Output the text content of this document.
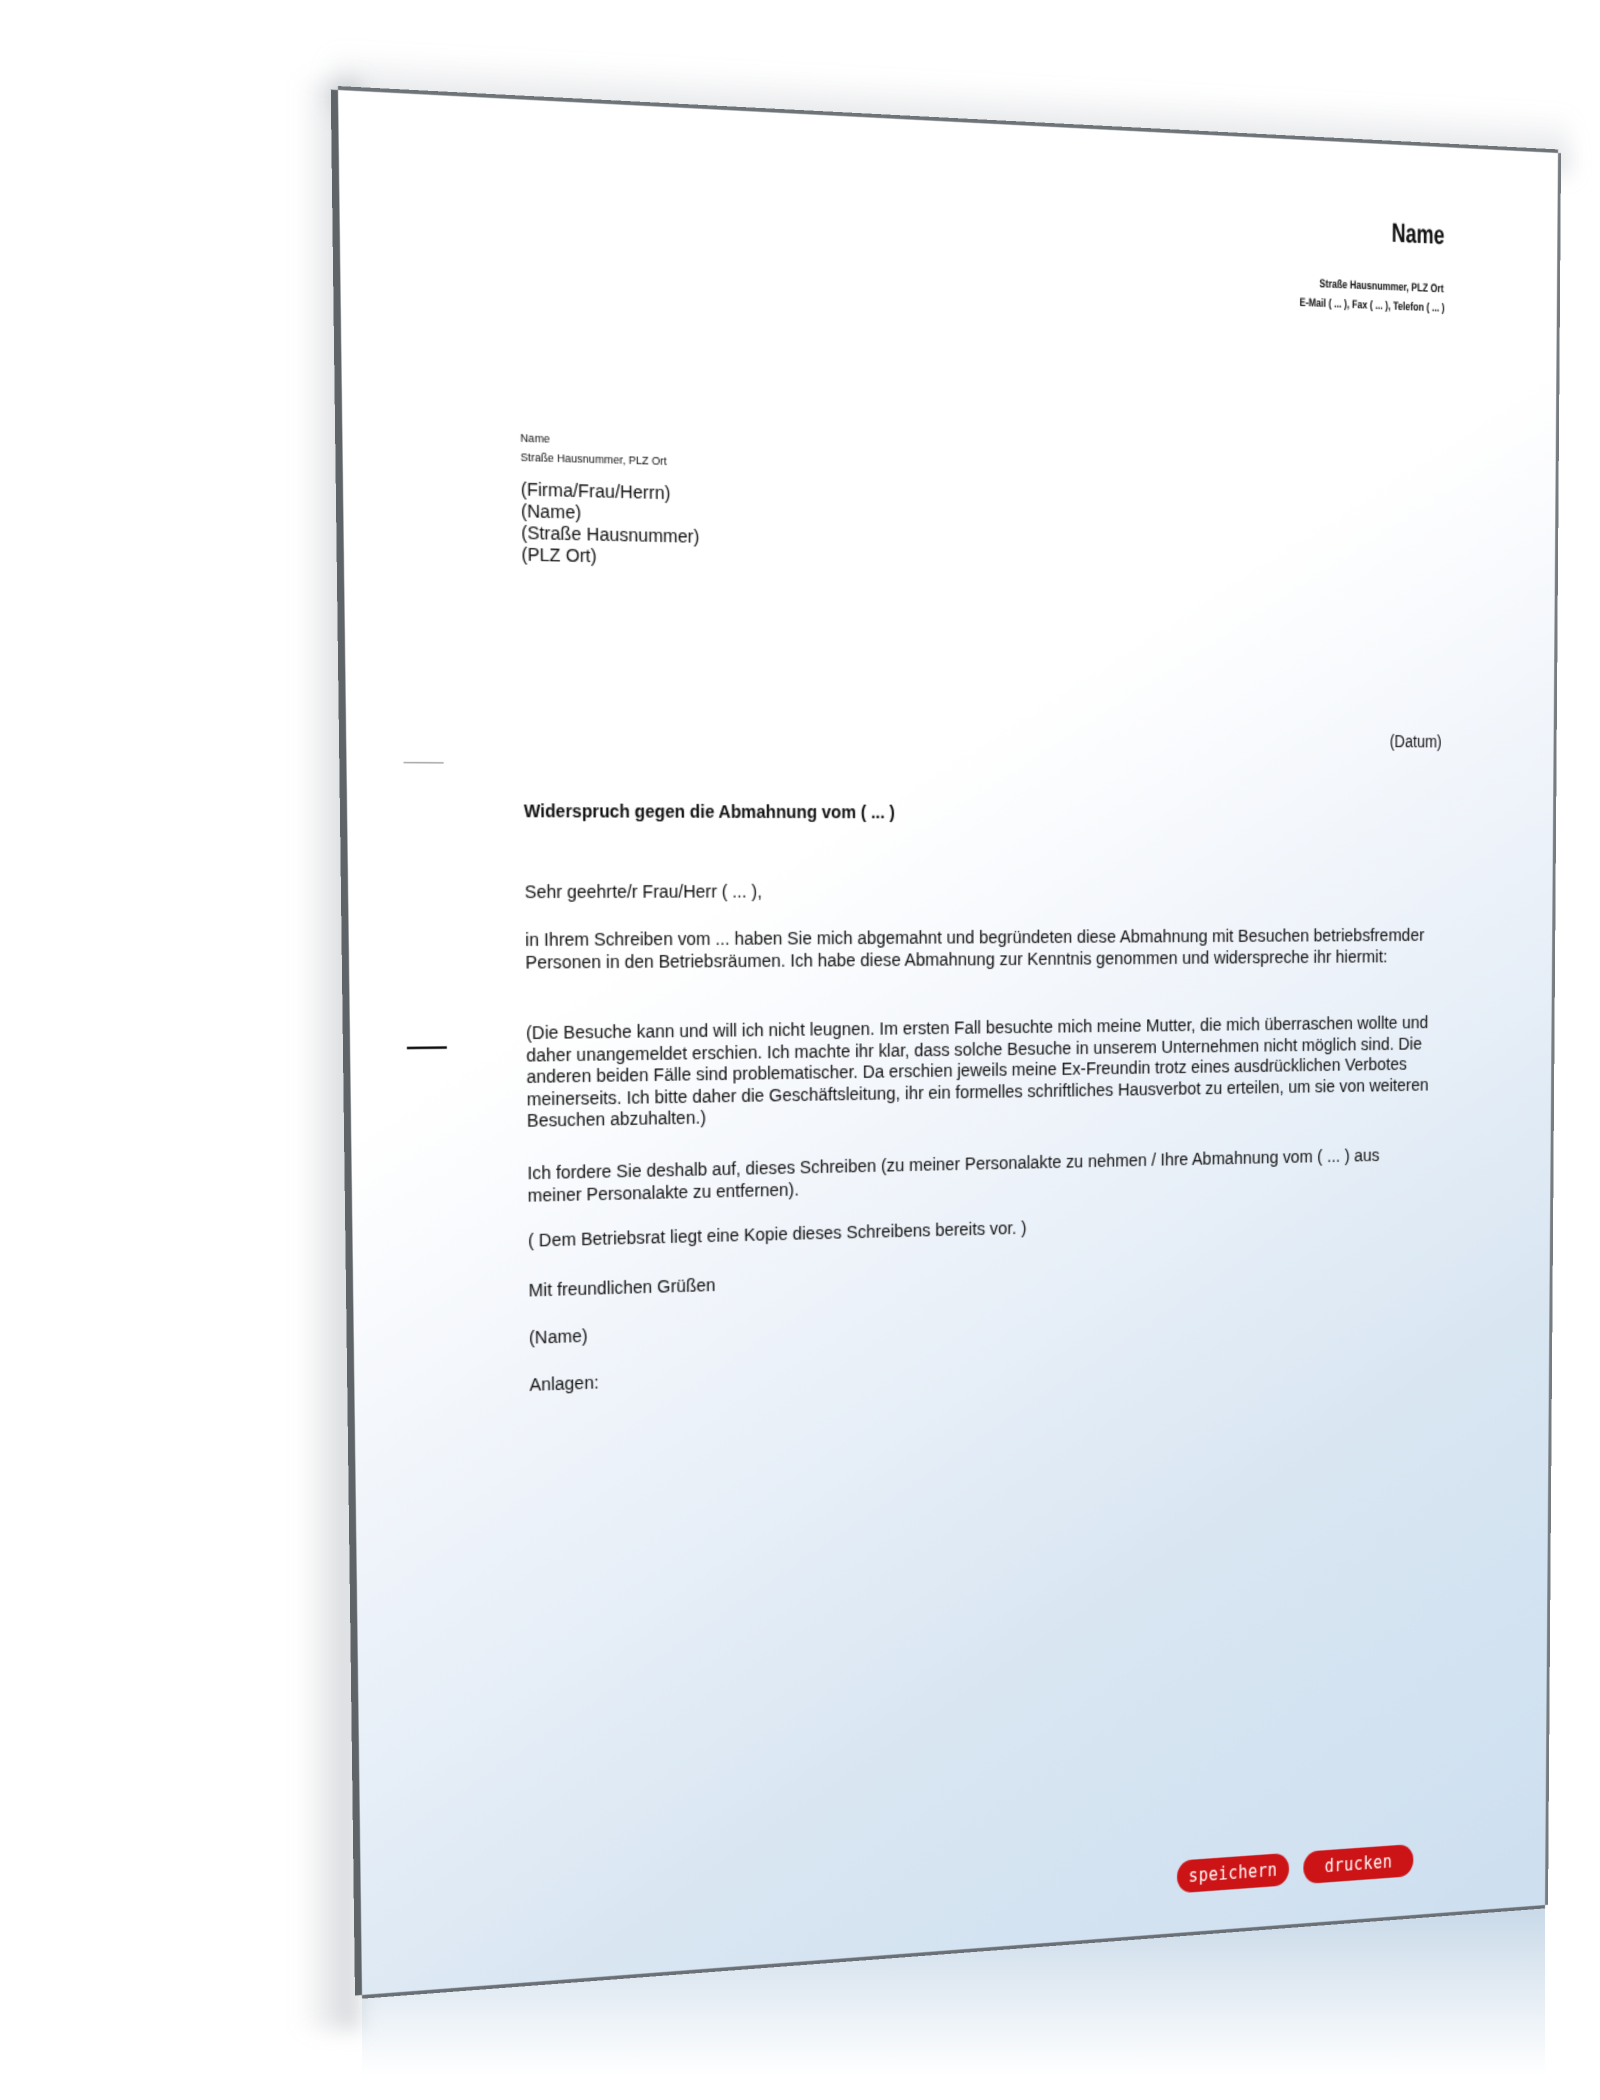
Name
Straße Hausnummer, PLZ Ort
E-Mail ( ... ), Fax ( ... ), Telefon ( ... )
Name
Straße Hausnummer, PLZ Ort
(Firma/Frau/Herrn)
(Name)
(Straße Hausnummer)
(PLZ Ort)
(Datum)
Widerspruch gegen die Abmahnung vom ( ... )
Sehr geehrte/r Frau/Herr ( ... ),
in Ihrem Schreiben vom ... haben Sie mich abgemahnt und begründeten diese Abmahnung mit Besuchen betriebsfremder Personen in den Betriebsräumen. Ich habe diese Abmahnung zur Kenntnis genommen und widerspreche ihr hiermit:
(Die Besuche kann und will ich nicht leugnen. Im ersten Fall besuchte mich meine Mutter, die mich überraschen wollte und daher unangemeldet erschien. Ich machte ihr klar, dass solche Besuche in unserem Unternehmen nicht möglich sind. Die anderen beiden Fälle sind problematischer. Da erschien jeweils meine Ex-Freundin trotz eines ausdrücklichen Verbotes meinerseits. Ich bitte daher die Geschäftsleitung, ihr ein formelles schriftliches Hausverbot zu erteilen, um sie von weiteren Besuchen abzuhalten.)
Ich fordere Sie deshalb auf, dieses Schreiben (zu meiner Personalakte zu nehmen / Ihre Abmahnung vom ( ... ) aus meiner Personalakte zu entfernen).
( Dem Betriebsrat liegt eine Kopie dieses Schreibens bereits vor. )
Mit freundlichen Grüßen
(Name)
Anlagen:
speichern	drucken
